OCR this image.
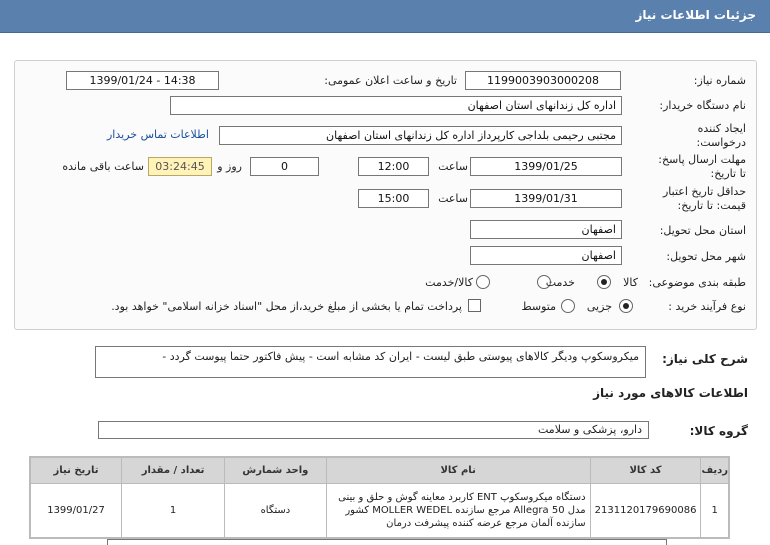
جزئیات اطلاعات نیاز
شماره نیاز:
1199003903000208
تاریخ و ساعت اعلان عمومی:
1399/01/24 - 14:38
نام دستگاه خریدار:
اداره کل زندانهای استان اصفهان
ایجاد کننده
درخواست:
مجتبی رحیمی بلداجی کارپرداز اداره کل زندانهای استان اصفهان
اطلاعات تماس خریدار
مهلت ارسال پاسخ:
تا تاریخ:
1399/01/25
ساعت
12:00
0
روز و
03:24:45
ساعت باقی مانده
حداقل تاریخ اعتبار
قیمت: تا تاریخ:
1399/01/31
ساعت
15:00
استان محل تحویل:
اصفهان
شهر محل تحویل:
اصفهان
طبقه بندی موضوعی:
کالا
خدمت
کالا/خدمت
نوع فرآیند خرید :
جزیی
متوسط
پرداخت تمام یا بخشی از مبلغ خرید،از محل "اسناد خزانه اسلامی" خواهد بود.
شرح کلی نیاز:
میکروسکوپ ودیگر کالاهای پیوستی طبق لیست - ایران کد مشابه است - پیش فاکتور حتما پیوست گردد -
اطلاعات کالاهای مورد نیاز
گروه کالا:
دارو، پزشکی و سلامت
ردیف	کد کالا	نام کالا	واحد شمارش	تعداد / مقدار	تاریخ نیاز
1	2131120179690086	دستگاه میکروسکوپ ENT کاربرد معاینه گوش و حلق و بینی مدل Allegra 50 مرجع سازنده MOLLER WEDEL کشور سازنده آلمان مرجع عرضه کننده پیشرفت درمان	دستگاه	1	1399/01/27
